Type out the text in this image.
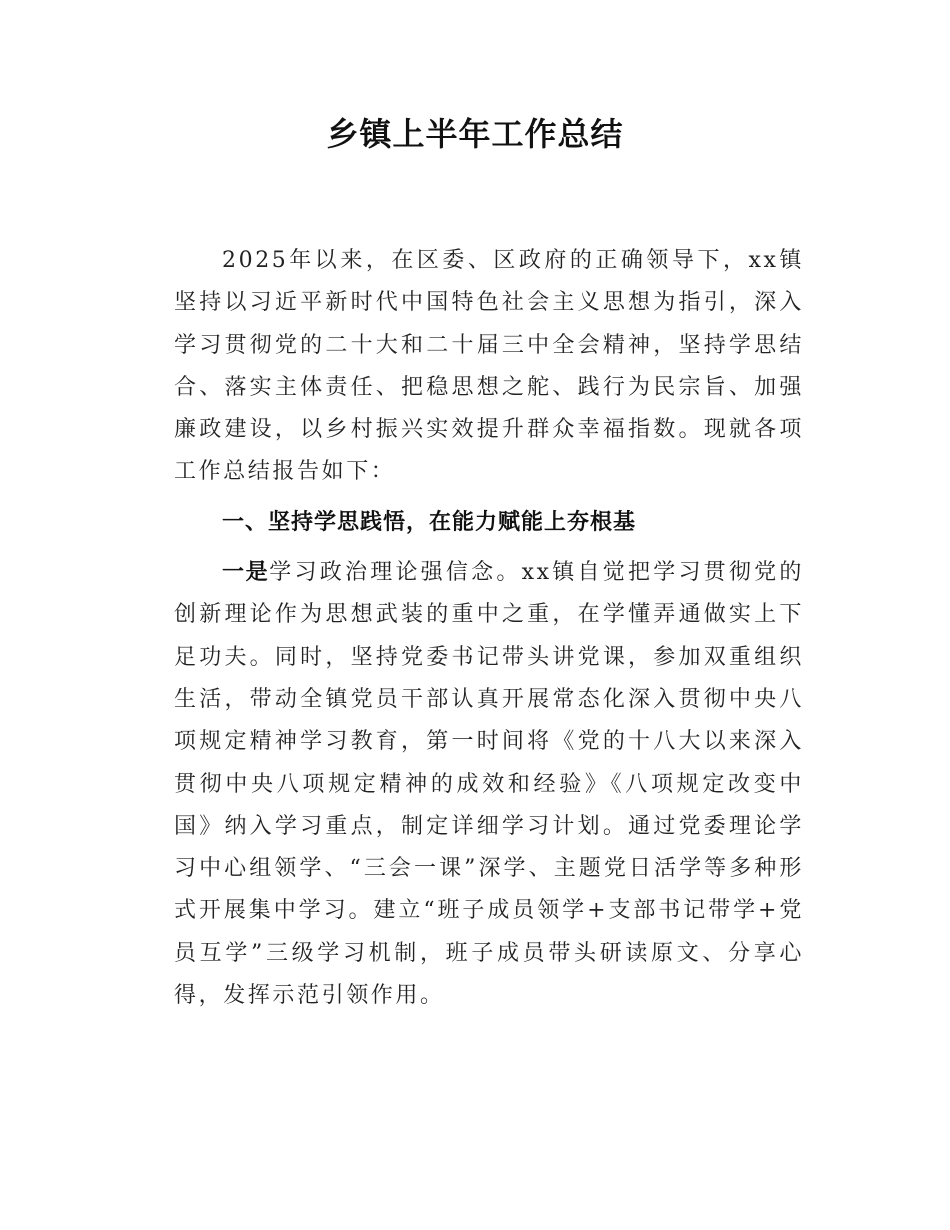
乡镇上半年工作总结

2025年以来，在区委、区政府的正确领导下，xx镇坚持以习近平新时代中国特色社会主义思想为指引，深入学习贯彻党的二十大和二十届三中全会精神，坚持学思结合、落实主体责任、把稳思想之舵、践行为民宗旨、加强廉政建设，以乡村振兴实效提升群众幸福指数。现就各项工作总结报告如下：

一、坚持学思践悟，在能力赋能上夯根基

一是学习政治理论强信念。xx镇自觉把学习贯彻党的创新理论作为思想武装的重中之重，在学懂弄通做实上下足功夫。同时，坚持党委书记带头讲党课，参加双重组织生活，带动全镇党员干部认真开展常态化深入贯彻中央八项规定精神学习教育，第一时间将《党的十八大以来深入贯彻中央八项规定精神的成效和经验》《八项规定改变中国》纳入学习重点，制定详细学习计划。通过党委理论学习中心组领学、“三会一课”深学、主题党日活学等多种形式开展集中学习。建立“班子成员领学+支部书记带学+党员互学”三级学习机制，班子成员带头研读原文、分享心得，发挥示范引领作用。
